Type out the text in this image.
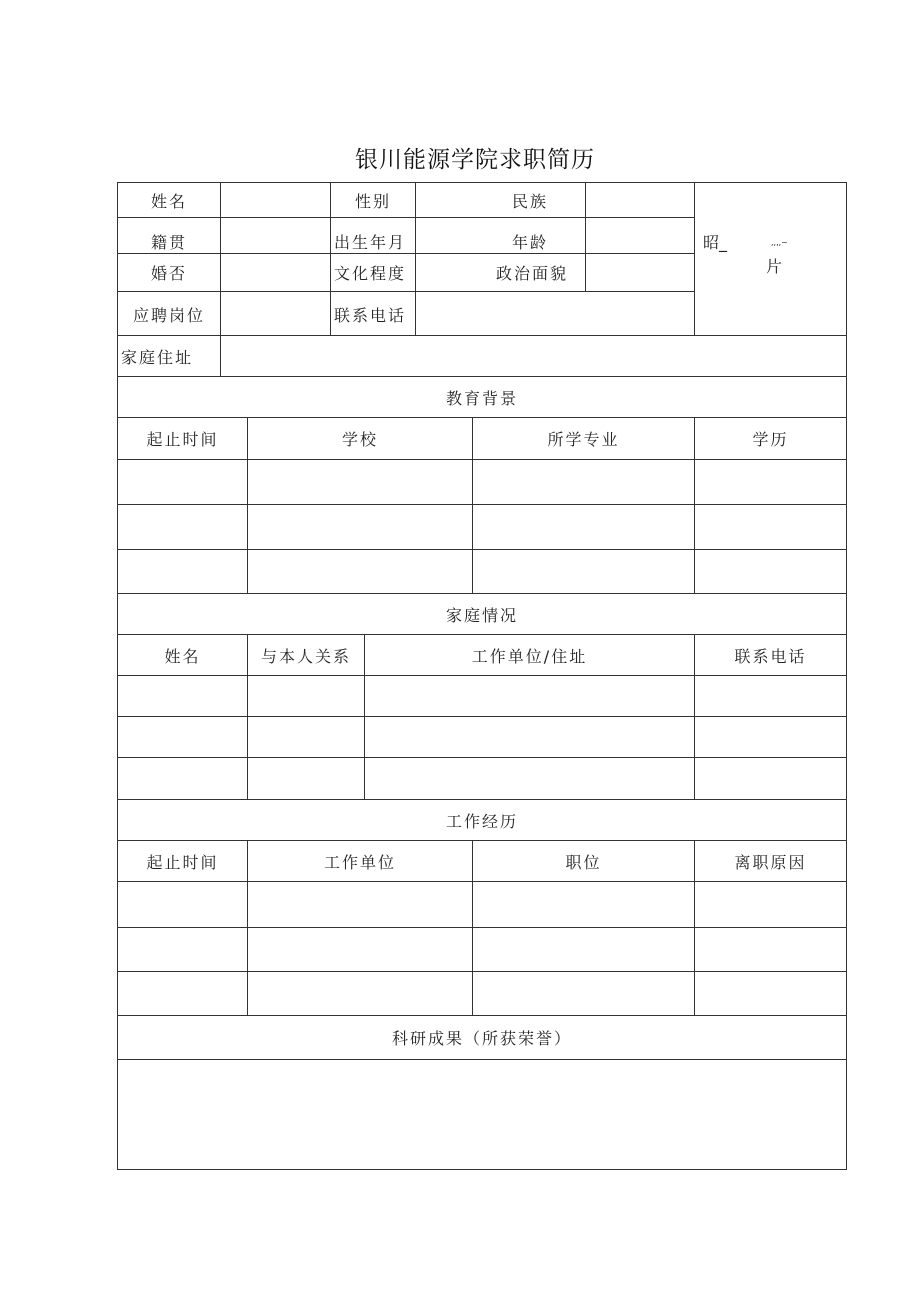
银川能源学院求职简历
姓名	性别	民族
籍贯	出生年月	年龄
婚否	文化程度	政治面貌
应聘岗位	联系电话
昭_	,,,,~
片
家庭住址
教育背景
起止时间	学校	所学专业	学历
家庭情况
姓名	与本人关系	工作单位/住址	联系电话
工作经历
起止时间	工作单位	职位	离职原因
科研成果（所获荣誉）
